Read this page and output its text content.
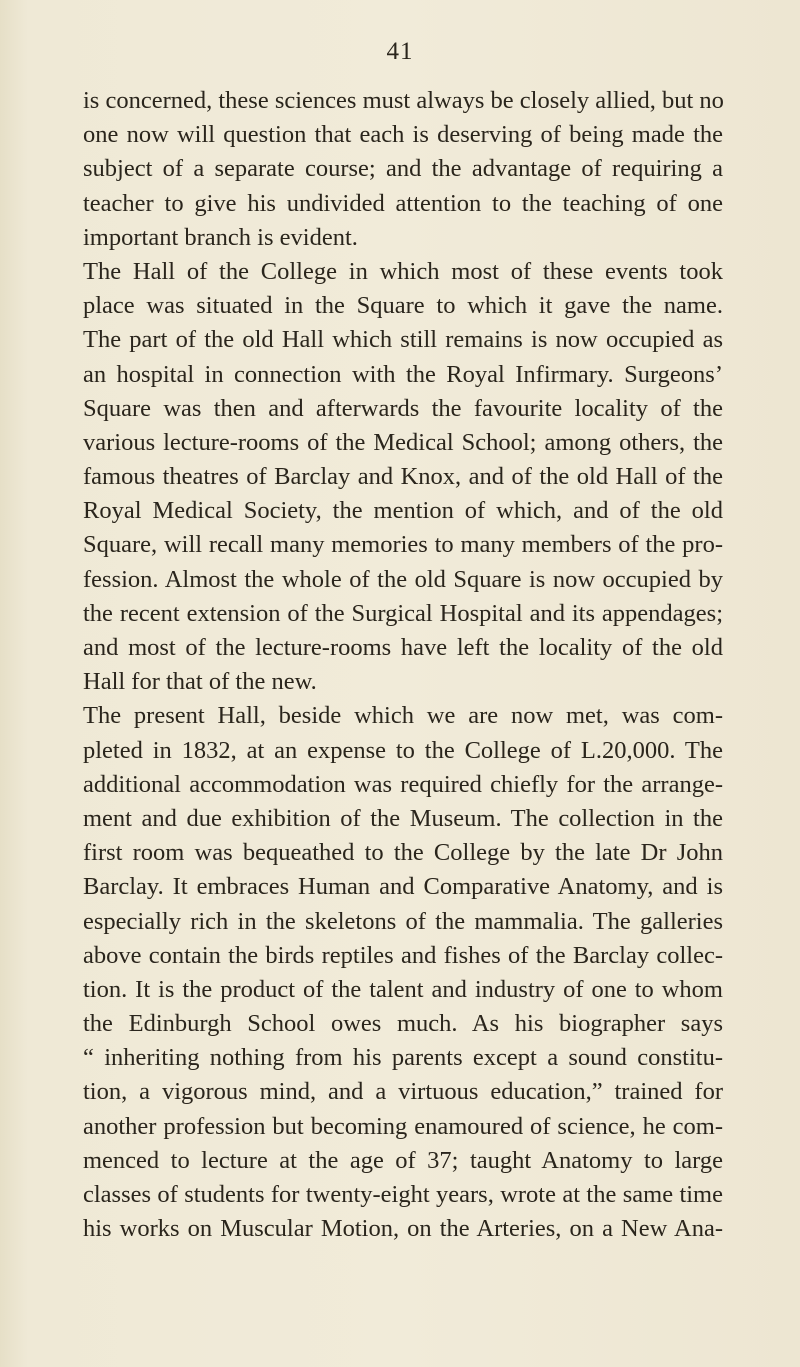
41
is concerned, these sciences must always be closely allied, but no
one now will question that each is deserving of being made the
subject of a separate course; and the advantage of requiring a
teacher to give his undivided attention to the teaching of one
important branch is evident.
The Hall of the College in which most of these events took
place was situated in the Square to which it gave the name.
The part of the old Hall which still remains is now occupied as
an hospital in connection with the Royal Infirmary. Surgeons’
Square was then and afterwards the favourite locality of the
various lecture-rooms of the Medical School; among others, the
famous theatres of Barclay and Knox, and of the old Hall of the
Royal Medical Society, the mention of which, and of the old
Square, will recall many memories to many members of the pro-
fession. Almost the whole of the old Square is now occupied by
the recent extension of the Surgical Hospital and its appendages;
and most of the lecture-rooms have left the locality of the old
Hall for that of the new.
The present Hall, beside which we are now met, was com-
pleted in 1832, at an expense to the College of L.20,000. The
additional accommodation was required chiefly for the arrange-
ment and due exhibition of the Museum. The collection in the
first room was bequeathed to the College by the late Dr John
Barclay. It embraces Human and Comparative Anatomy, and is
especially rich in the skeletons of the mammalia. The galleries
above contain the birds reptiles and fishes of the Barclay collec-
tion. It is the product of the talent and industry of one to whom
the Edinburgh School owes much. As his biographer says
“ inheriting nothing from his parents except a sound constitu-
tion, a vigorous mind, and a virtuous education,” trained for
another profession but becoming enamoured of science, he com-
menced to lecture at the age of 37; taught Anatomy to large
classes of students for twenty-eight years, wrote at the same time
his works on Muscular Motion, on the Arteries, on a New Ana-
